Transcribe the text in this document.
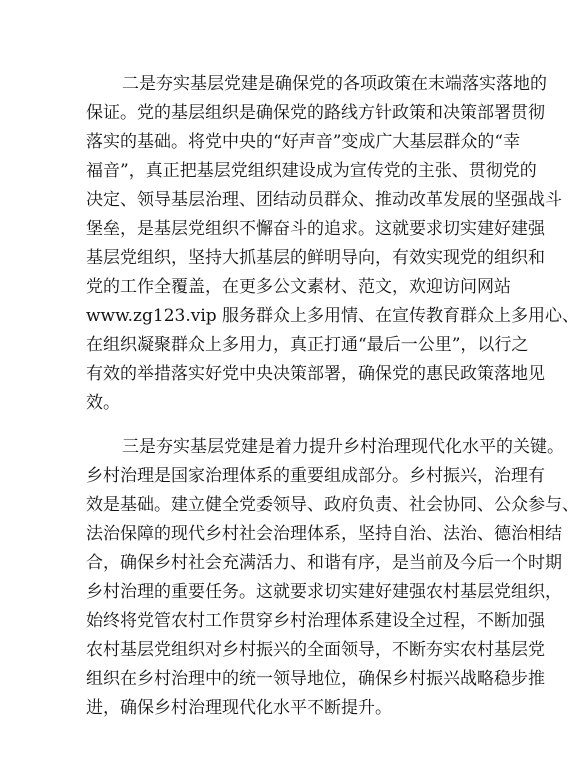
二是夯实基层党建是确保党的各项政策在末端落实落地的
保证。党的基层组织是确保党的路线方针政策和决策部署贯彻
落实的基础。将党中央的“好声音”变成广大基层群众的“幸
福音”，真正把基层党组织建设成为宣传党的主张、贯彻党的
决定、领导基层治理、团结动员群众、推动改革发展的坚强战斗
堡垒，是基层党组织不懈奋斗的追求。这就要求切实建好建强
基层党组织，坚持大抓基层的鲜明导向，有效实现党的组织和
党的工作全覆盖，在更多公文素材、范文，欢迎访问网站
www.zg123.vip 服务群众上多用情、在宣传教育群众上多用心、
在组织凝聚群众上多用力，真正打通“最后一公里”，以行之
有效的举措落实好党中央决策部署，确保党的惠民政策落地见
效。
三是夯实基层党建是着力提升乡村治理现代化水平的关键。
乡村治理是国家治理体系的重要组成部分。乡村振兴，治理有
效是基础。建立健全党委领导、政府负责、社会协同、公众参与、
法治保障的现代乡村社会治理体系，坚持自治、法治、德治相结
合，确保乡村社会充满活力、和谐有序，是当前及今后一个时期
乡村治理的重要任务。这就要求切实建好建强农村基层党组织，
始终将党管农村工作贯穿乡村治理体系建设全过程，不断加强
农村基层党组织对乡村振兴的全面领导，不断夯实农村基层党
组织在乡村治理中的统一领导地位，确保乡村振兴战略稳步推
进，确保乡村治理现代化水平不断提升。
